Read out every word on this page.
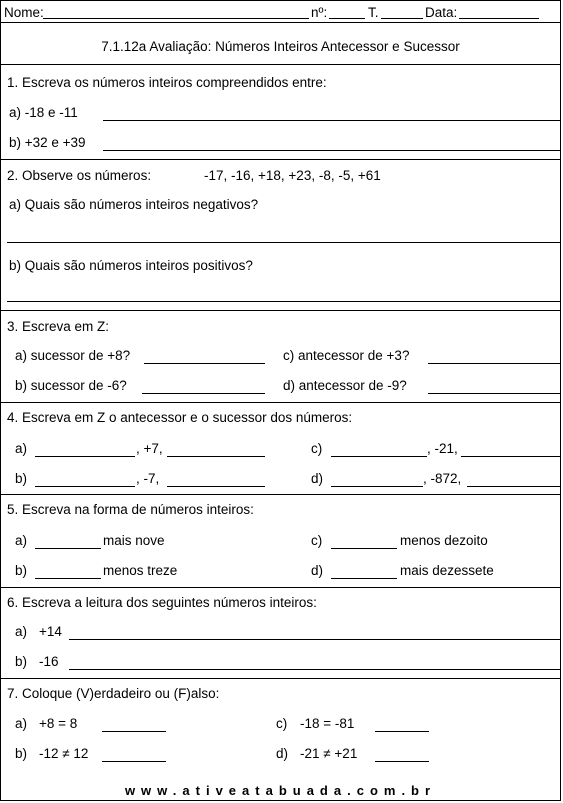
Nome:	nº:	T.	Data:
7.1.12a Avaliação: Números Inteiros Antecessor e Sucessor
1. Escreva os números inteiros compreendidos entre:
a) -18 e -11
b) +32 e +39
2. Observe os números:	-17, -16, +18, +23, -8, -5, +61
a) Quais são números inteiros negativos?
b) Quais são números inteiros positivos?
3. Escreva em Z:
a) sucessor de +8?	c) antecessor de +3?
b) sucessor de -6?	d) antecessor de -9?
4. Escreva em Z o antecessor e o sucessor dos números:
a)	, +7,	c)	, -21,
b)	, -7,	d)	, -872,
5. Escreva na forma de números inteiros:
a)	mais nove	c)	menos dezoito
b)	menos treze	d)	mais dezessete
6. Escreva a leitura dos seguintes números inteiros:
a) +14
b) -16
7. Coloque (V)erdadeiro ou (F)also:
a) +8 = 8	c) -18 = -81
b) -12 ≠ 12	d) -21 ≠ +21
www.ativeatabuada.com.br
